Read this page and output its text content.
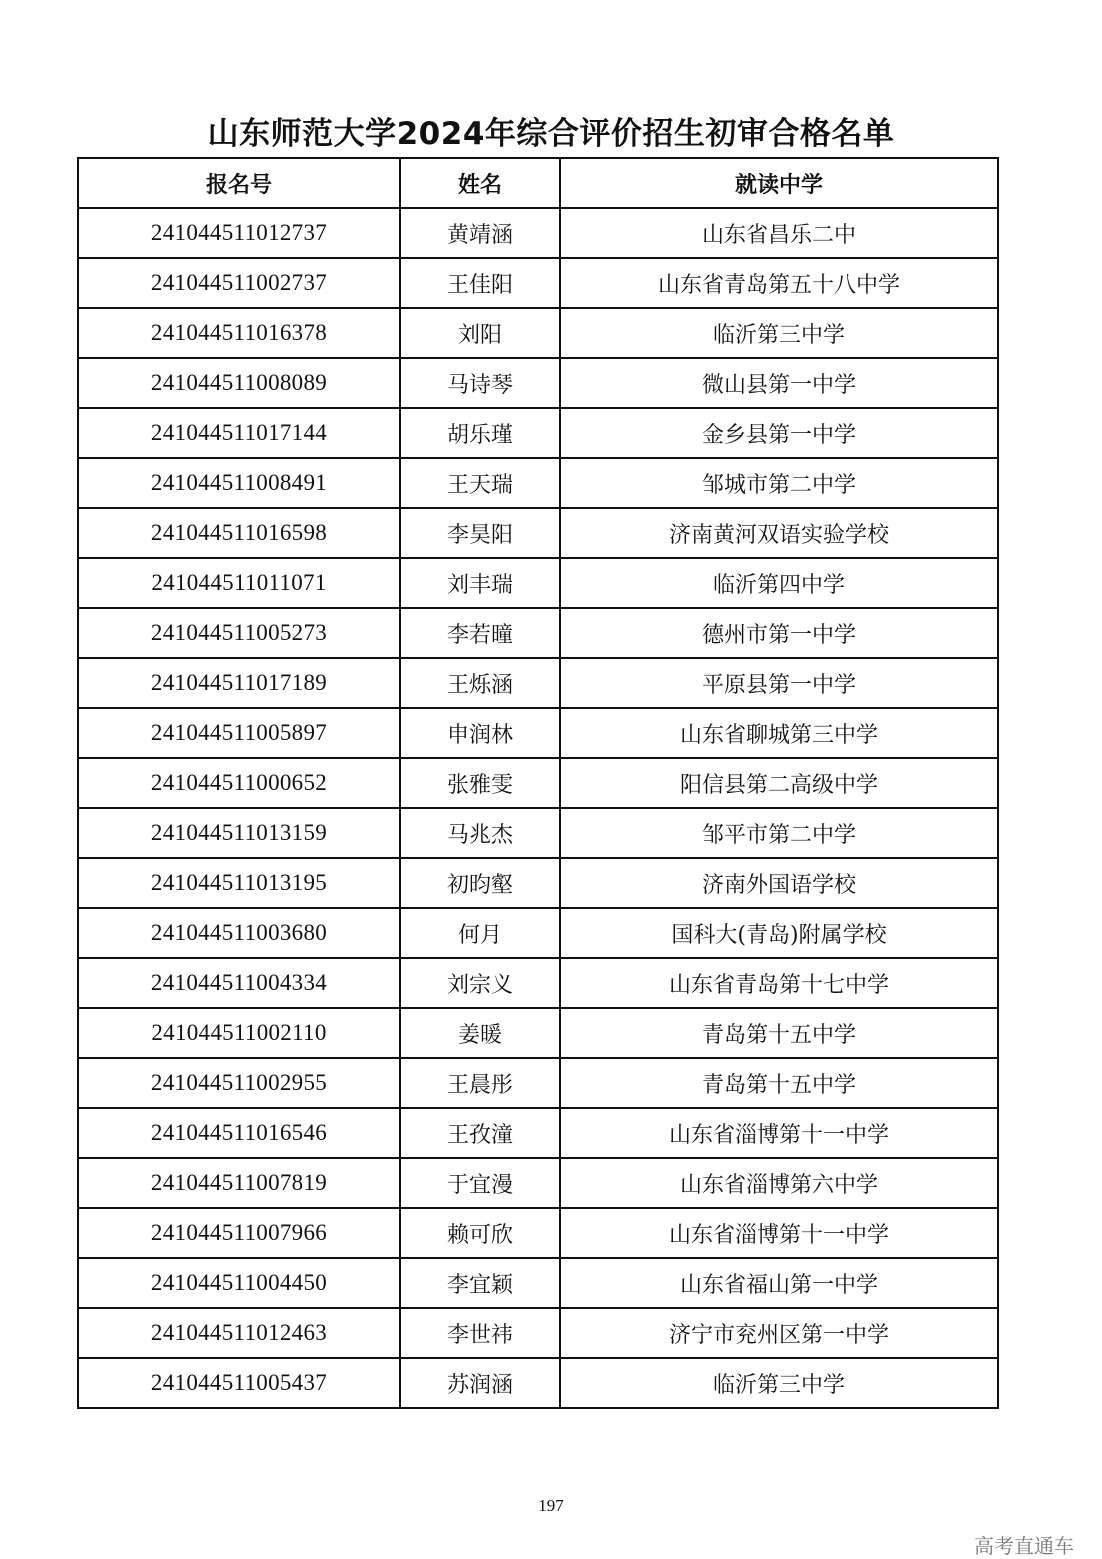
山东师范大学2024年综合评价招生初审合格名单
报名号	姓名	就读中学
241044511012737	黄靖涵	山东省昌乐二中
241044511002737	王佳阳	山东省青岛第五十八中学
241044511016378	刘阳	临沂第三中学
241044511008089	马诗琴	微山县第一中学
241044511017144	胡乐瑾	金乡县第一中学
241044511008491	王天瑞	邹城市第二中学
241044511016598	李昊阳	济南黄河双语实验学校
241044511011071	刘丰瑞	临沂第四中学
241044511005273	李若曈	德州市第一中学
241044511017189	王烁涵	平原县第一中学
241044511005897	申润林	山东省聊城第三中学
241044511000652	张雅雯	阳信县第二高级中学
241044511013159	马兆杰	邹平市第二中学
241044511013195	初昀壑	济南外国语学校
241044511003680	何月	国科大(青岛)附属学校
241044511004334	刘宗义	山东省青岛第十七中学
241044511002110	姜暖	青岛第十五中学
241044511002955	王晨彤	青岛第十五中学
241044511016546	王孜潼	山东省淄博第十一中学
241044511007819	于宜漫	山东省淄博第六中学
241044511007966	赖可欣	山东省淄博第十一中学
241044511004450	李宜颖	山东省福山第一中学
241044511012463	李世祎	济宁市兖州区第一中学
241044511005437	苏润涵	临沂第三中学
197
高考直通车
